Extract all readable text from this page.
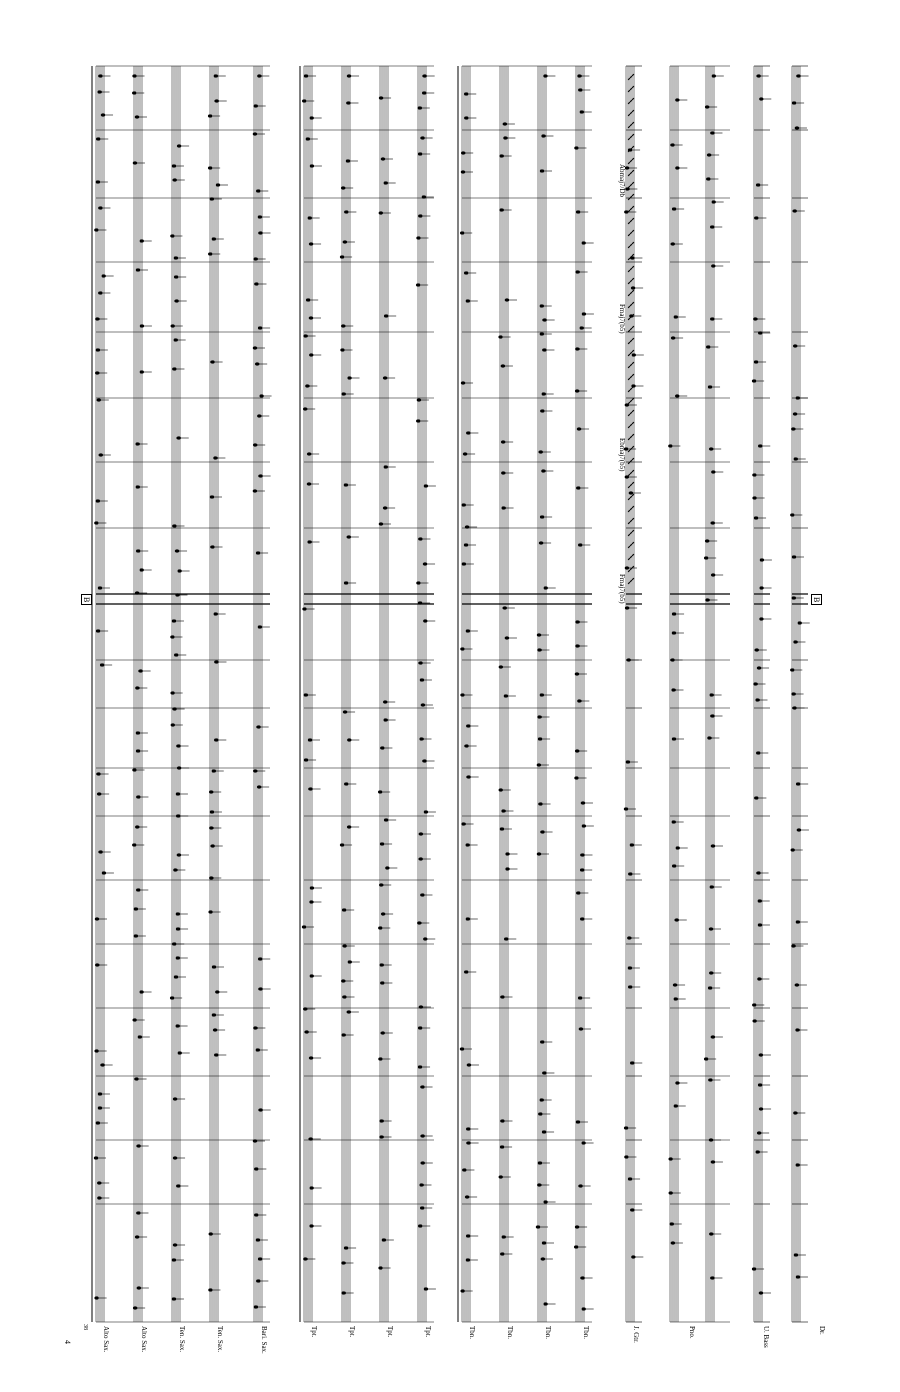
4
38
B	B
Alto Sax.	Alto Sax.	Ten. Sax.	Ten. Sax.	Bari. Sax.	Tpt.	Tpt.	Tpt.	Tpt.	Tbn.	Tbn.	Tbn.	Tbn.	J. Gtr.	Pno.	U. Bass	Dr.
Fmaj7(b5)
Ebmaj7(b5)
Fmaj7(b5)
Abmaj7/Db
